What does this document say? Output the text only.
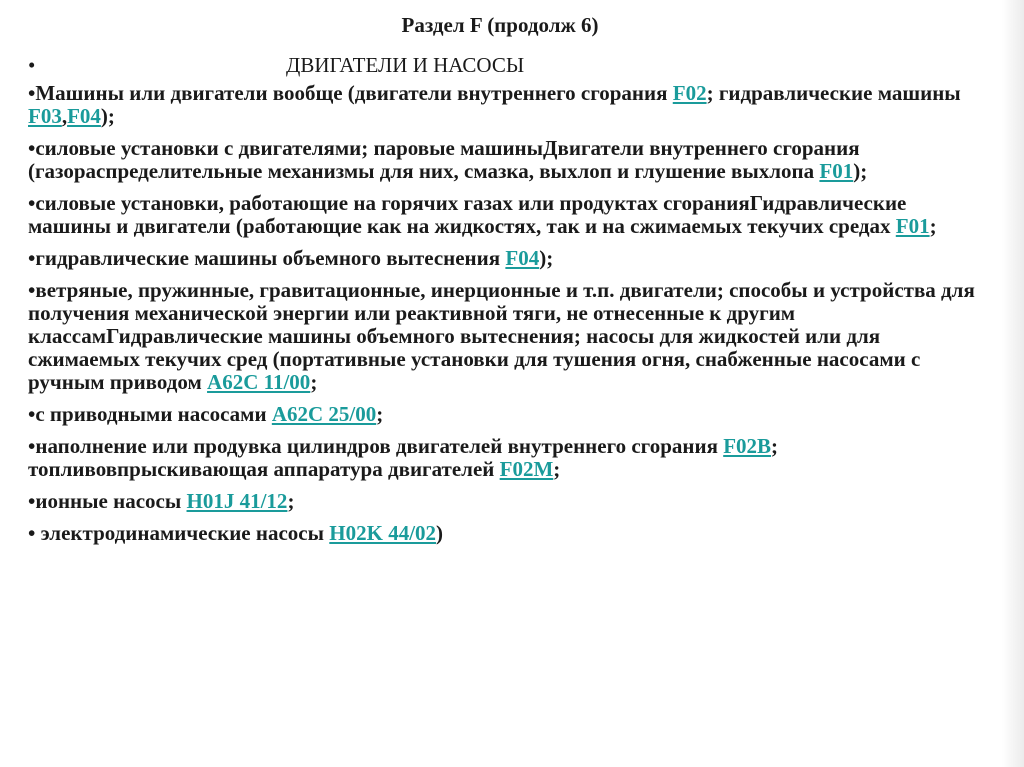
Раздел F (продолж 6)
•	ДВИГАТЕЛИ И НАСОСЫ
•Машины или двигатели вообще (двигатели внутреннего сгорания F02; гидравлические машины F03,F04);
•силовые установки с двигателями; паровые машиныДвигатели внутреннего сгорания (газораспределительные механизмы для них, смазка, выхлоп и глушение выхлопа F01);
•силовые установки, работающие на горячих газах или продуктах сгоранияГидравлические машины и двигатели (работающие как на жидкостях, так и на сжимаемых текучих средах F01;
•гидравлические машины объемного вытеснения F04);
•ветряные, пружинные, гравитационные, инерционные и т.п. двигатели; способы и устройства для получения механической энергии или реактивной тяги, не отнесенные к другим классамГидравлические машины объемного вытеснения; насосы для жидкостей или для сжимаемых текучих сред (портативные установки для тушения огня, снабженные насосами с ручным приводом A62C 11/00;
•с приводными насосами A62C 25/00;
•наполнение или продувка цилиндров двигателей внутреннего сгорания F02B; топливовпрыскивающая аппаратура двигателей F02M;
•ионные насосы H01J 41/12;
• электродинамические насосы H02K 44/02)
